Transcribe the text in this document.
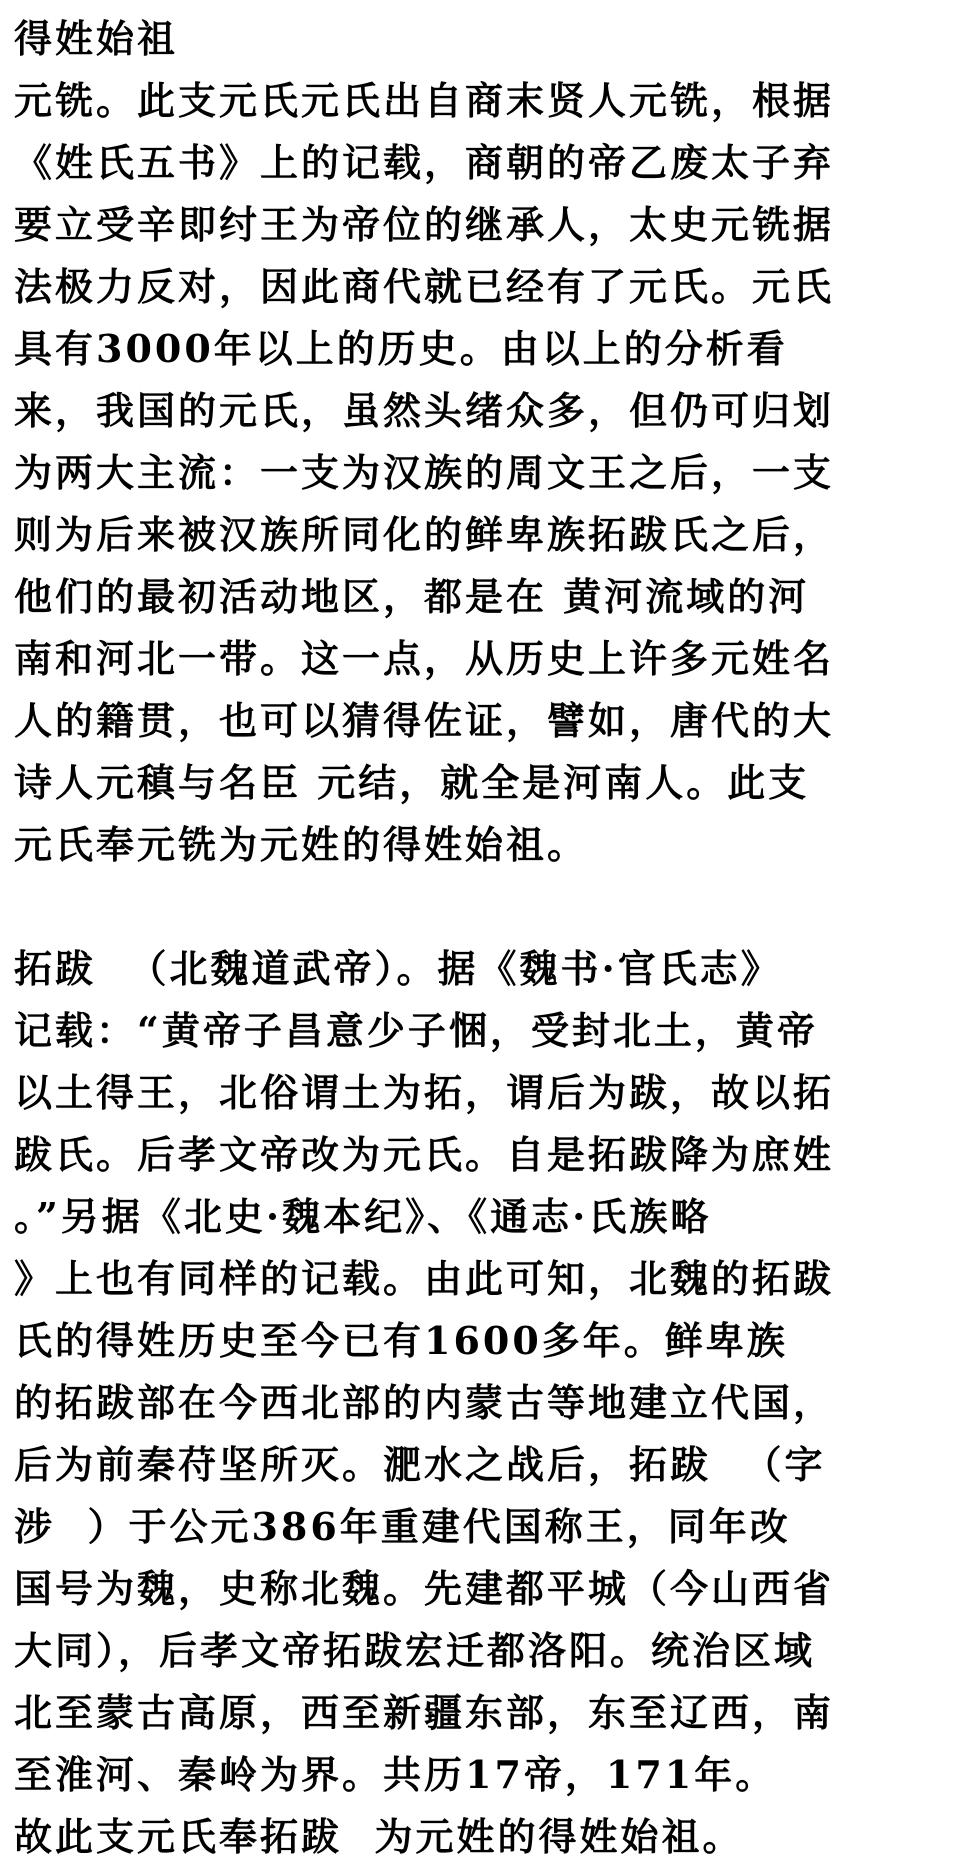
得姓始祖
元铣。此支元氏元氏出自商末贤人元铣，根据
《姓氏五书》上的记载，商朝的帝乙废太子弃
要立受辛即纣王为帝位的继承人，太史元铣据
法极力反对，因此商代就已经有了元氏。元氏
具有3000年以上的历史。由以上的分析看
来，我国的元氏，虽然头绪众多，但仍可归划
为两大主流：一支为汉族的周文王之后，一支
则为后来被汉族所同化的鲜卑族拓跋氏之后，
他们的最初活动地区，都是在 黄河流域的河
南和河北一带。这一点，从历史上许多元姓名
人的籍贯，也可以猜得佐证，譬如，唐代的大
诗人元稹与名臣 元结，就全是河南人。此支
元氏奉元铣为元姓的得姓始祖。
拓跋  （北魏道武帝）。据《魏书·官氏志》
记载：“黄帝子昌意少子悃，受封北土，黄帝
以土得王，北俗谓土为拓，谓后为跋，故以拓
跋氏。后孝文帝改为元氏。自是拓跋降为庶姓
。”另据《北史·魏本纪》、《通志·氏族略
》上也有同样的记载。由此可知，北魏的拓跋
氏的得姓历史至今已有1600多年。鲜卑族
的拓跋部在今西北部的内蒙古等地建立代国，
后为前秦苻坚所灭。淝水之战后，拓跋  （字
涉  ）于公元386年重建代国称王，同年改
国号为魏，史称北魏。先建都平城（今山西省
大同），后孝文帝拓跋宏迁都洛阳。统治区域
北至蒙古高原，西至新疆东部，东至辽西，南
至淮河、秦岭为界。共历17帝，171年。
故此支元氏奉拓跋  为元姓的得姓始祖。
